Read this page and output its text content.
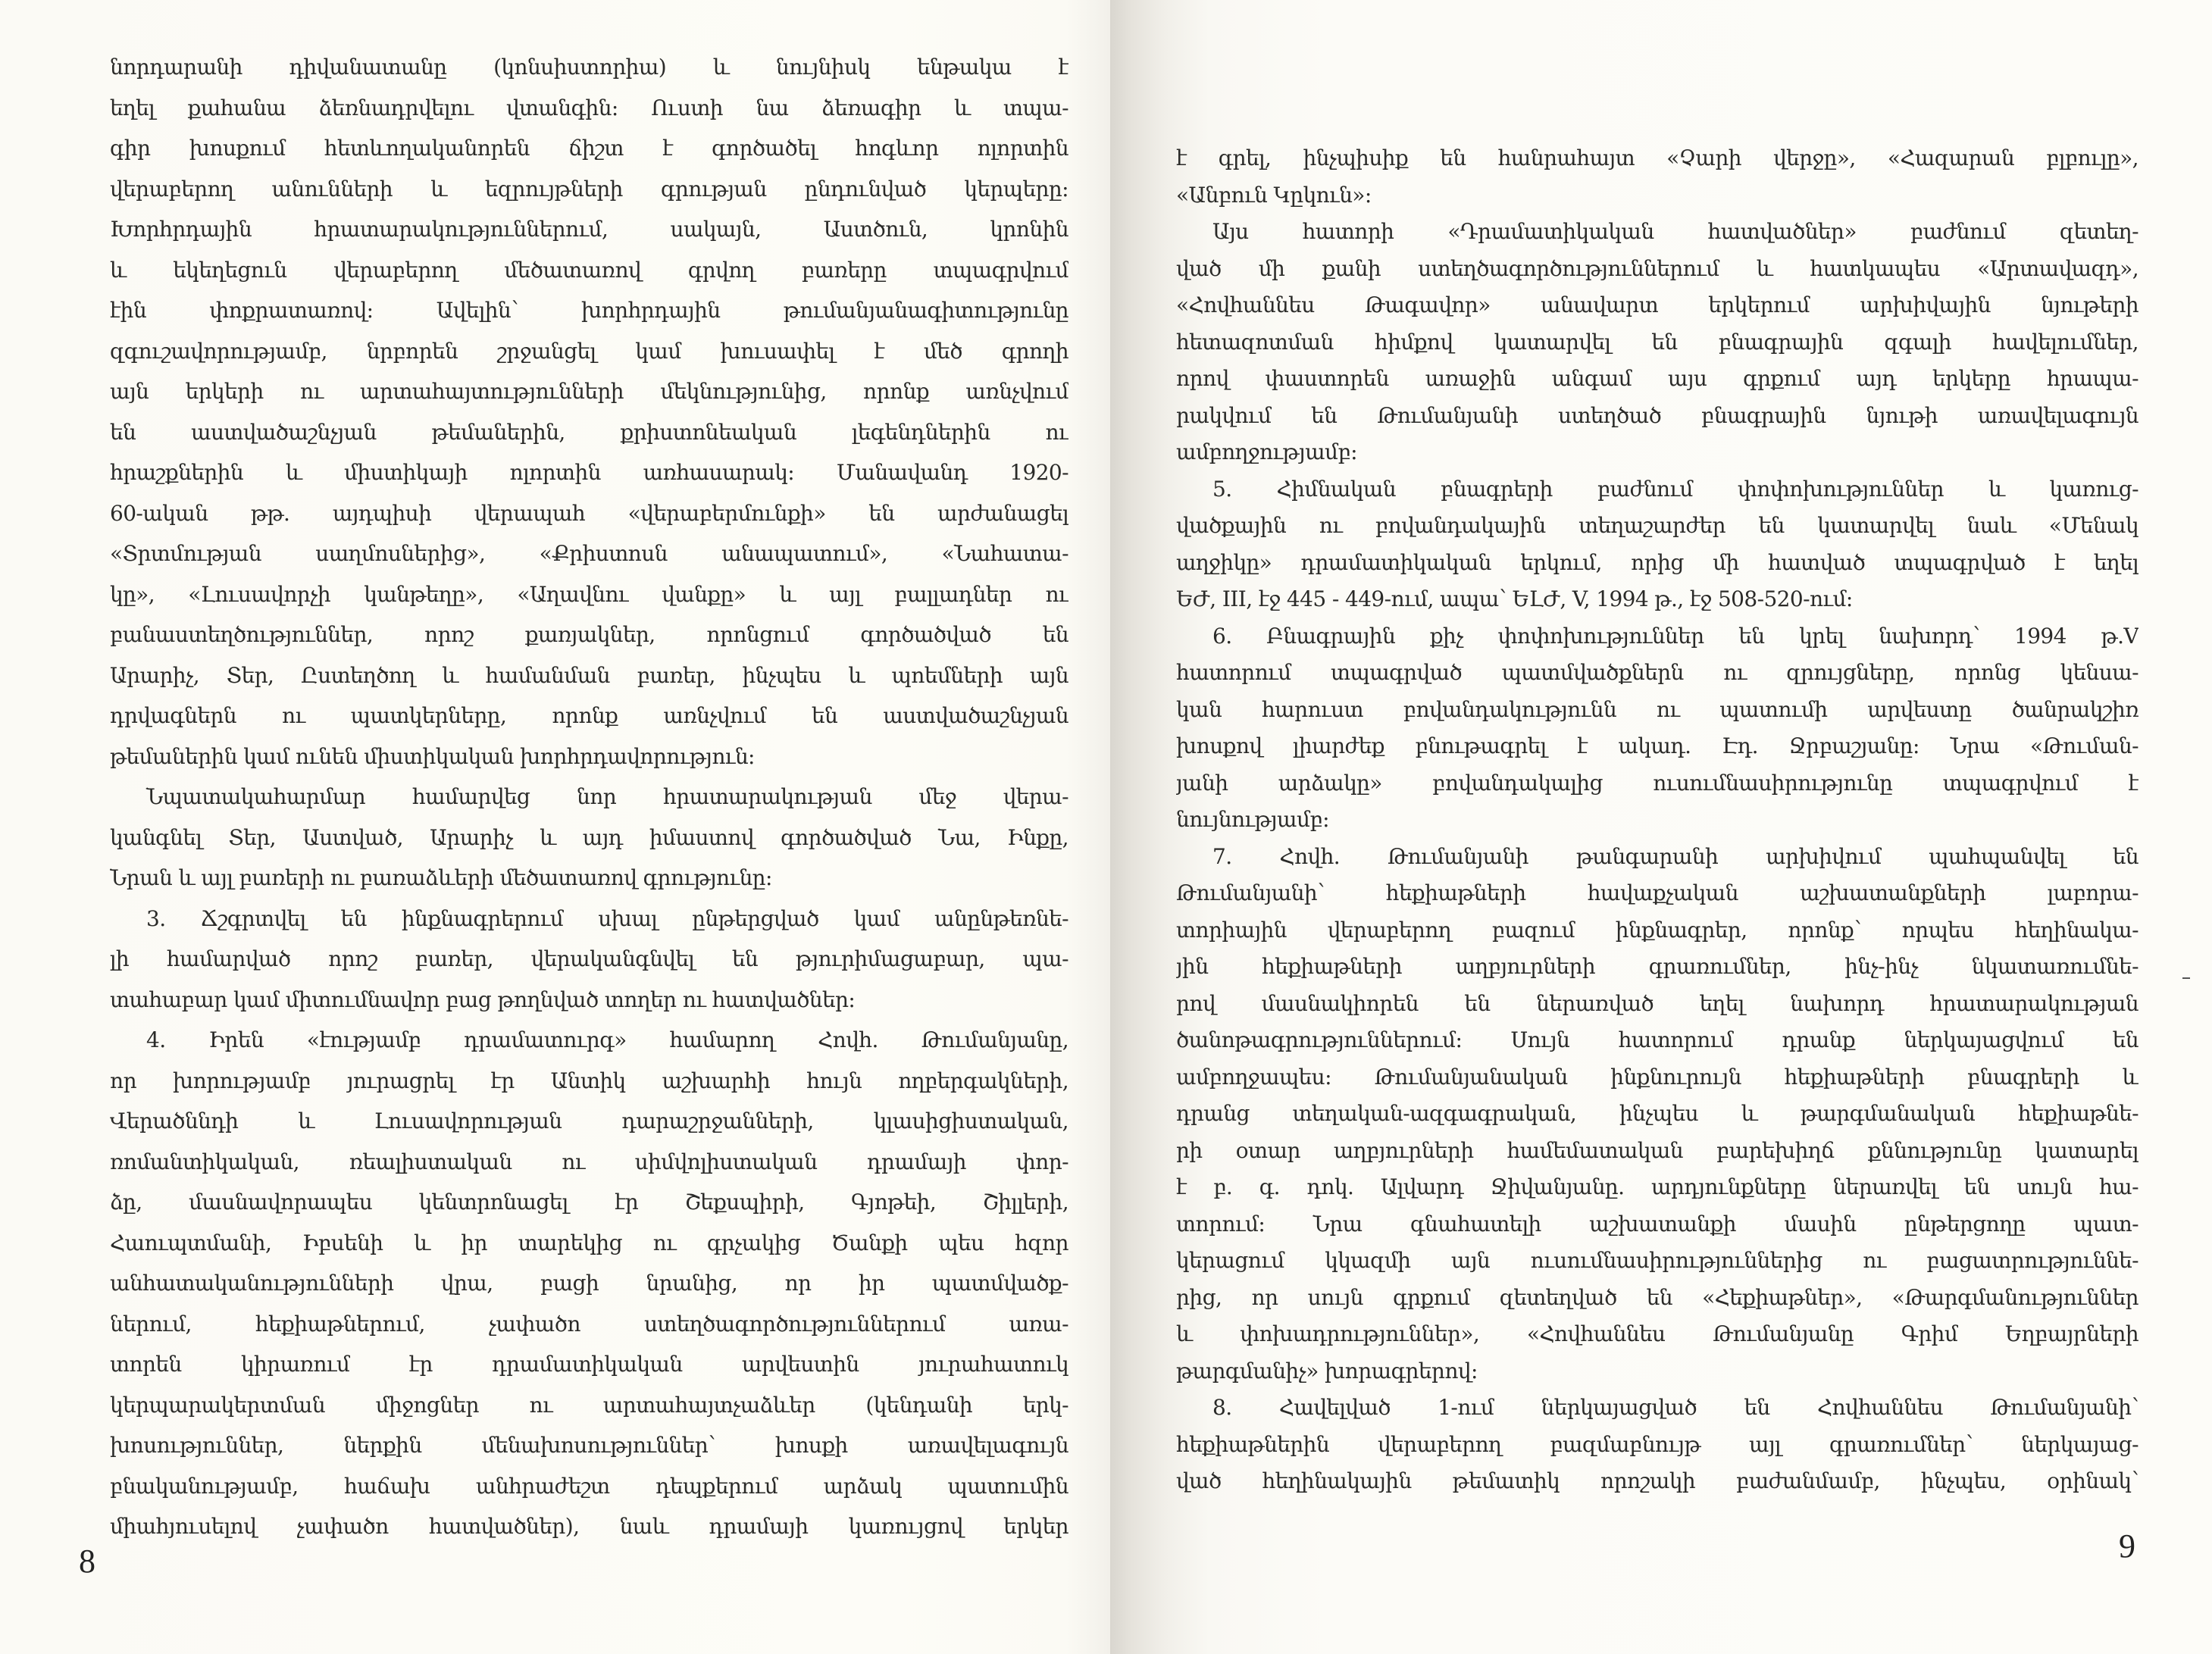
նորդարանի դիվանատանը (կոնսիստորիա) և նույնիսկ ենթակա է
եղել քահանա ձեռնադրվելու վտանգին: Ուստի նա ձեռագիր և տպա-
գիր խոսքում հետևողականորեն ճիշտ է գործածել հոգևոր ոլորտին
վերաբերող անունների և եզրույթների գրության ընդունված կերպերը:
Խորհրդային հրատարակություններում, սակայն, Աստծուն, կրոնին
և եկեղեցուն վերաբերող մեծատառով գրվող բառերը տպագրվում
էին փոքրատառով: Ավելին՝ խորհրդային թումանյանագիտությունը
զգուշավորությամբ, նրբորեն շրջանցել կամ խուսափել է մեծ գրողի
այն երկերի ու արտահայտությունների մեկնությունից, որոնք առնչվում
են աստվածաշնչյան թեմաներին, քրիստոնեական լեգենդներին ու
հրաշքներին և միստիկայի ոլորտին առհասարակ: Մանավանդ 1920-
60-ական թթ. այդպիսի վերապահ «վերաբերմունքի» են արժանացել
«Տրտմության սաղմոսներից», «Քրիստոսն անապատում», «Նահատա-
կը», «Լուսավորչի կանթեղը», «Աղավնու վանքը» և այլ բալլադներ ու
բանաստեղծություններ, որոշ քառյակներ, որոնցում գործածված են
Արարիչ, Տեր, Ըստեղծող և համանման բառեր, ինչպես և պոեմների այն
դրվագներն ու պատկերները, որոնք առնչվում են աստվածաշնչյան
թեմաներին կամ ունեն միստիկական խորհրդավորություն:
Նպատակահարմար համարվեց նոր հրատարակության մեջ վերա-
կանգնել Տեր, Աստված, Արարիչ և այդ իմաստով գործածված Նա, Ինքը,
Նրան և այլ բառերի ու բառաձևերի մեծատառով գրությունը:
3. Ճշգրտվել են ինքնագրերում սխալ ընթերցված կամ անընթեռնե-
լի համարված որոշ բառեր, վերականգնվել են թյուրիմացաբար, պա-
տահաբար կամ միտումնավոր բաց թողնված տողեր ու հատվածներ:
4. Իրեն «էությամբ դրամատուրգ» համարող Հովհ. Թումանյանը,
որ խորությամբ յուրացրել էր Անտիկ աշխարհի հույն ողբերգակների,
Վերածննդի և Լուսավորության դարաշրջանների, կլասիցիստական,
ռոմանտիկական, ռեալիստական ու սիմվոլիստական դրամայի փոր-
ձը, մասնավորապես կենտրոնացել էր Շեքսպիրի, Գյոթեի, Շիլլերի,
Հաուպտմանի, Իբսենի և իր տարեկից ու գրչակից Ծանքի պես հզոր
անհատականությունների վրա, բացի նրանից, որ իր պատմվածք-
ներում, հեքիաթներում, չափածո ստեղծագործություններում առա-
տորեն կիրառում էր դրամատիկական արվեստին յուրահատուկ
կերպարակերտման միջոցներ ու արտահայտչաձևեր (կենդանի երկ-
խոսություններ, ներքին մենախոսություններ՝ խոսքի առավելագույն
բնականությամբ, հաճախ անհրաժեշտ դեպքերում արձակ պատումին
միահյուսելով չափածո հատվածներ), նաև դրամայի կառույցով երկեր
8	9
է գրել, ինչպիսիք են հանրահայտ «Չարի վերջը», «Հազարան բլբուլը»,
«Անբուն Կըկուն»:
Այս հատորի «Դրամատիկական հատվածներ» բաժնում զետեղ-
ված մի քանի ստեղծագործություններում և հատկապես «Արտավազդ»,
«Հովհաննես Թագավոր» անավարտ երկերում արխիվային նյութերի
հետազոտման հիմքով կատարվել են բնագրային զգալի հավելումներ,
որով փաստորեն առաջին անգամ այս գրքում այդ երկերը հրապա-
րակվում են Թումանյանի ստեղծած բնագրային նյութի առավելագույն
ամբողջությամբ:
5. Հիմնական բնագրերի բաժնում փոփոխություններ և կառուց-
վածքային ու բովանդակային տեղաշարժեր են կատարվել նաև «Մենակ
աղջիկը» դրամատիկական երկում, որից մի հատված տպագրված է եղել
ԵԺ, III, էջ 445 - 449-ում, ապա՝ ԵԼԺ, V, 1994 թ., էջ 508-520-ում:
6. Բնագրային քիչ փոփոխություններ են կրել նախորդ՝ 1994 թ.V
հատորում տպագրված պատմվածքներն ու զրույցները, որոնց կենսա-
կան հարուստ բովանդակությունն ու պատումի արվեստը ծանրակշիռ
խոսքով լիարժեք բնութագրել է ակադ. Էդ. Ջրբաշյանը: Նրա «Թուման-
յանի արձակը» բովանդակալից ուսումնասիրությունը տպագրվում է
նույնությամբ:
7. Հովհ. Թումանյանի թանգարանի արխիվում պահպանվել են
Թումանյանի՝ հեքիաթների հավաքչական աշխատանքների լաբորա-
տորիային վերաբերող բազում ինքնագրեր, որոնք՝ որպես հեղինակա-
յին հեքիաթների աղբյուրների գրառումներ, ինչ-ինչ նկատառումնե-
րով մասնակիորեն են ներառված եղել նախորդ հրատարակության
ծանոթագրություններում: Սույն հատորում դրանք ներկայացվում են
ամբողջապես: Թումանյանական ինքնուրույն հեքիաթների բնագրերի և
դրանց տեղական-ազգագրական, ինչպես և թարգմանական հեքիաթնե-
րի օտար աղբյուրների համեմատական բարեխիղճ քննությունը կատարել
է բ. գ. դոկ. Ալվարդ Ջիվանյանը. արդյունքները ներառվել են սույն հա-
տորում: Նրա գնահատելի աշխատանքի մասին ընթերցողը պատ-
կերացում կկազմի այն ուսումնասիրություններից ու բացատրություննե-
րից, որ սույն գրքում զետեղված են «Հեքիաթներ», «Թարգմանություններ
և փոխադրություններ», «Հովհաննես Թումանյանը Գրիմ Եղբայրների
թարգմանիչ» խորագրերով:
8. Հավելված 1-ում ներկայացված են Հովհաննես Թումանյանի՝
հեքիաթներին վերաբերող բազմաբնույթ այլ գրառումներ՝ ներկայաց-
ված հեղինակային թեմատիկ որոշակի բաժանմամբ, ինչպես, օրինակ՝
